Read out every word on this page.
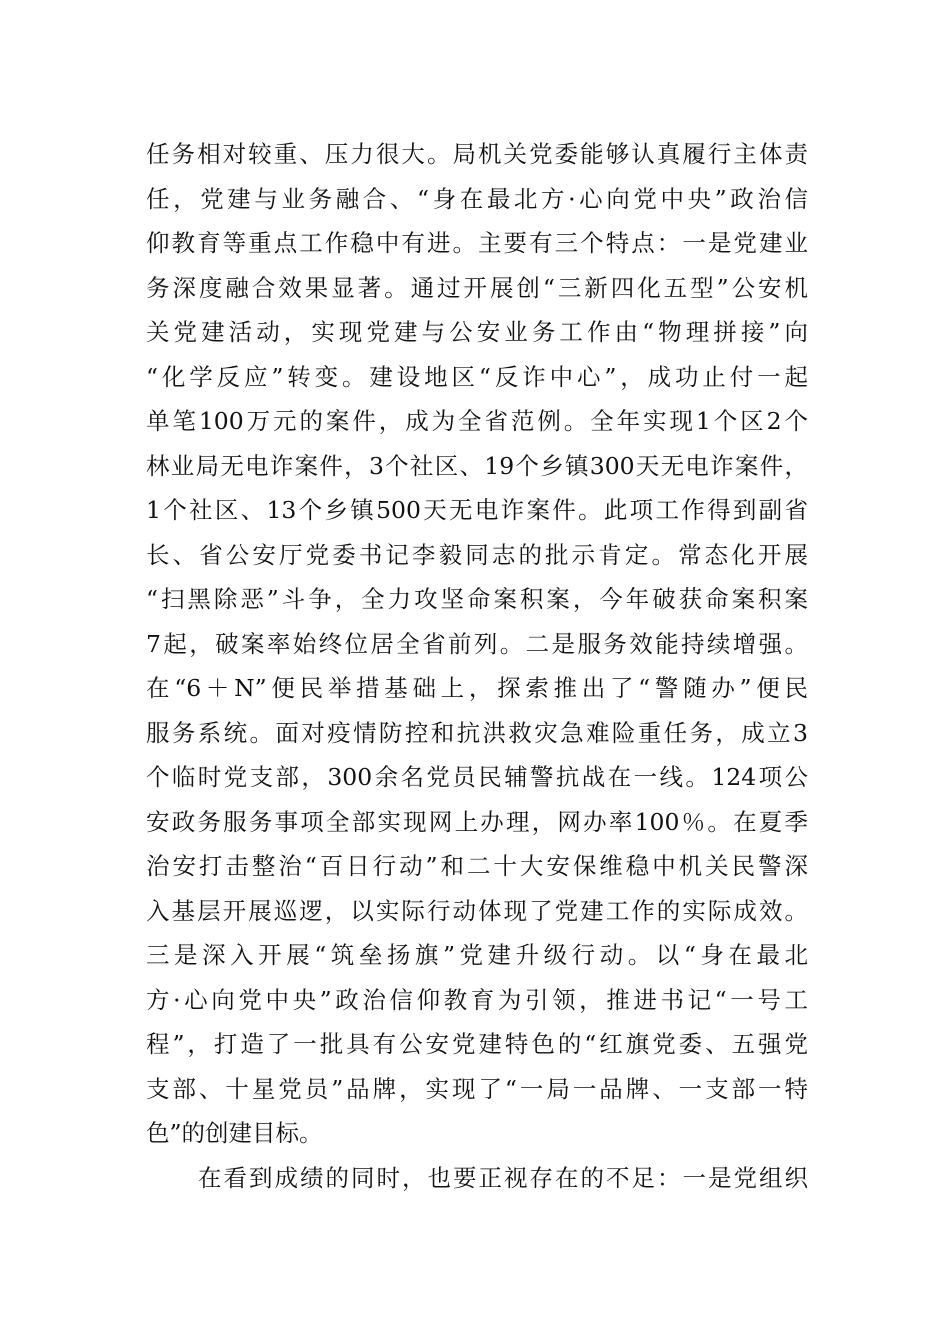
任务相对较重、压力很大。局机关党委能够认真履行主体责
任，党建与业务融合、“身在最北方·心向党中央”政治信
仰教育等重点工作稳中有进。主要有三个特点：一是党建业
务深度融合效果显著。通过开展创“三新四化五型”公安机
关党建活动，实现党建与公安业务工作由“物理拼接”向
“化学反应”转变。建设地区“反诈中心”，成功止付一起
单笔100万元的案件，成为全省范例。全年实现1个区2个
林业局无电诈案件，3个社区、19个乡镇300天无电诈案件，
1个社区、13个乡镇500天无电诈案件。此项工作得到副省
长、省公安厅党委书记李毅同志的批示肯定。常态化开展
“扫黑除恶”斗争，全力攻坚命案积案，今年破获命案积案
7起，破案率始终位居全省前列。二是服务效能持续增强。
在“6＋N”便民举措基础上，探索推出了“警随办”便民
服务系统。面对疫情防控和抗洪救灾急难险重任务，成立3
个临时党支部，300余名党员民辅警抗战在一线。124项公
安政务服务事项全部实现网上办理，网办率100％。在夏季
治安打击整治“百日行动”和二十大安保维稳中机关民警深
入基层开展巡逻，以实际行动体现了党建工作的实际成效。
三是深入开展“筑垒扬旗”党建升级行动。以“身在最北
方·心向党中央”政治信仰教育为引领，推进书记“一号工
程”，打造了一批具有公安党建特色的“红旗党委、五强党
支部、十星党员”品牌，实现了“一局一品牌、一支部一特
色”的创建目标。
在看到成绩的同时，也要正视存在的不足：一是党组织
